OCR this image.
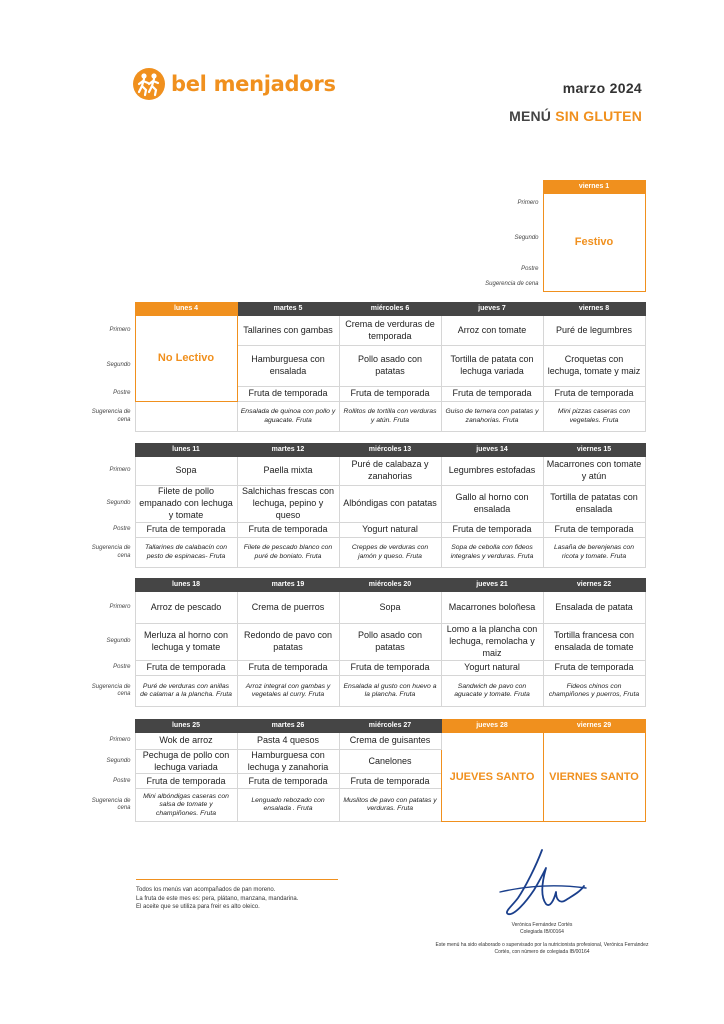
bel menjadors	marzo 2024
MENÚ SIN GLUTEN
			viernes 1
		Primero	Festivo
		Segundo	
		Postre	
		Sugerencia de cena	
	lunes 4	martes 5	miércoles 6	jueves 7	viernes 8
Primero	No Lectivo	Tallarines con gambas	Crema de verduras de temporada	Arroz con tomate	Puré de legumbres
Segundo		Hamburguesa con ensalada	Pollo asado con patatas	Tortilla de patata con lechuga variada	Croquetas con lechuga, tomate y maiz
Postre		Fruta de temporada	Fruta de temporada	Fruta de temporada	Fruta de temporada
Sugerencia de cena		Ensalada de quinoa con pollo y aguacate. Fruta	Rollitos de tortilla con verduras y atún. Fruta	Guiso de ternera con patatas y zanahorias. Fruta	Mini pizzas caseras con vegetales. Fruta
	lunes 11	martes 12	miércoles 13	jueves 14	viernes 15
Primero	Sopa	Paella mixta	Puré de calabaza y zanahorias	Legumbres estofadas	Macarrones con tomate y atún
Segundo	Filete de pollo empanado con lechuga y tomate	Salchichas frescas con lechuga, pepino y queso	Albóndigas con patatas	Gallo al horno con ensalada	Tortilla de patatas con ensalada
Postre	Fruta de temporada	Fruta de temporada	Yogurt natural	Fruta de temporada	Fruta de temporada
Sugerencia de cena	Tallarines de calabacín con pesto de espinacas- Fruta	Filete de pescado blanco con puré de boniato. Fruta	Creppes de verduras con jamón y queso. Fruta	Sopa de cebolla con fideos integrales y verduras. Fruta	Lasaña de berenjenas con ricota y tomate. Fruta
	lunes 18	martes 19	miércoles 20	jueves 21	viernes 22
Primero	Arroz de pescado	Crema de puerros	Sopa	Macarrones boloñesa	Ensalada de patata
Segundo	Merluza al horno con lechuga y tomate	Redondo de pavo con patatas	Pollo asado con patatas	Lomo a la plancha con lechuga, remolacha y maiz	Tortilla francesa con ensalada de tomate
Postre	Fruta de temporada	Fruta de temporada	Fruta de temporada	Yogurt natural	Fruta de temporada
Sugerencia de cena	Puré de verduras con anillas de calamar a la plancha. Fruta	Arroz integral con gambas y vegetales al curry. Fruta	Ensalada al gusto con huevo a la plancha. Fruta	Sandwich de pavo con aguacate y tomate. Fruta	Fideos chinos con champiñones y puerros, Fruta
	lunes 25	martes 26	miércoles 27	jueves 28	viernes 29
Primero	Wok de arroz	Pasta 4 quesos	Crema de guisantes	JUEVES SANTO	VIERNES SANTO
Segundo	Pechuga de pollo con lechuga variada	Hamburguesa con lechuga y zanahoria	Canelones		
Postre	Fruta de temporada	Fruta de temporada	Fruta de temporada		
Sugerencia de cena	Mini albóndigas caseras con salsa de tomate y champiñones. Fruta	Lenguado rebozado con ensalada . Fruta	Muslitos de pavo con patatas y verduras. Fruta		
Todos los menús van acompañados de pan moreno.
La fruta de este mes es: pera, plátano, manzana, mandarina.
El aceite que se utiliza para freir es alto oleico.
Verónica Fernández Cortés
Colegiada IB/00164
Este menú ha sido elaborado o supervisado por la nutricionista profesional, Verónica Fernández Cortés, con número de colegiada IB/00164
